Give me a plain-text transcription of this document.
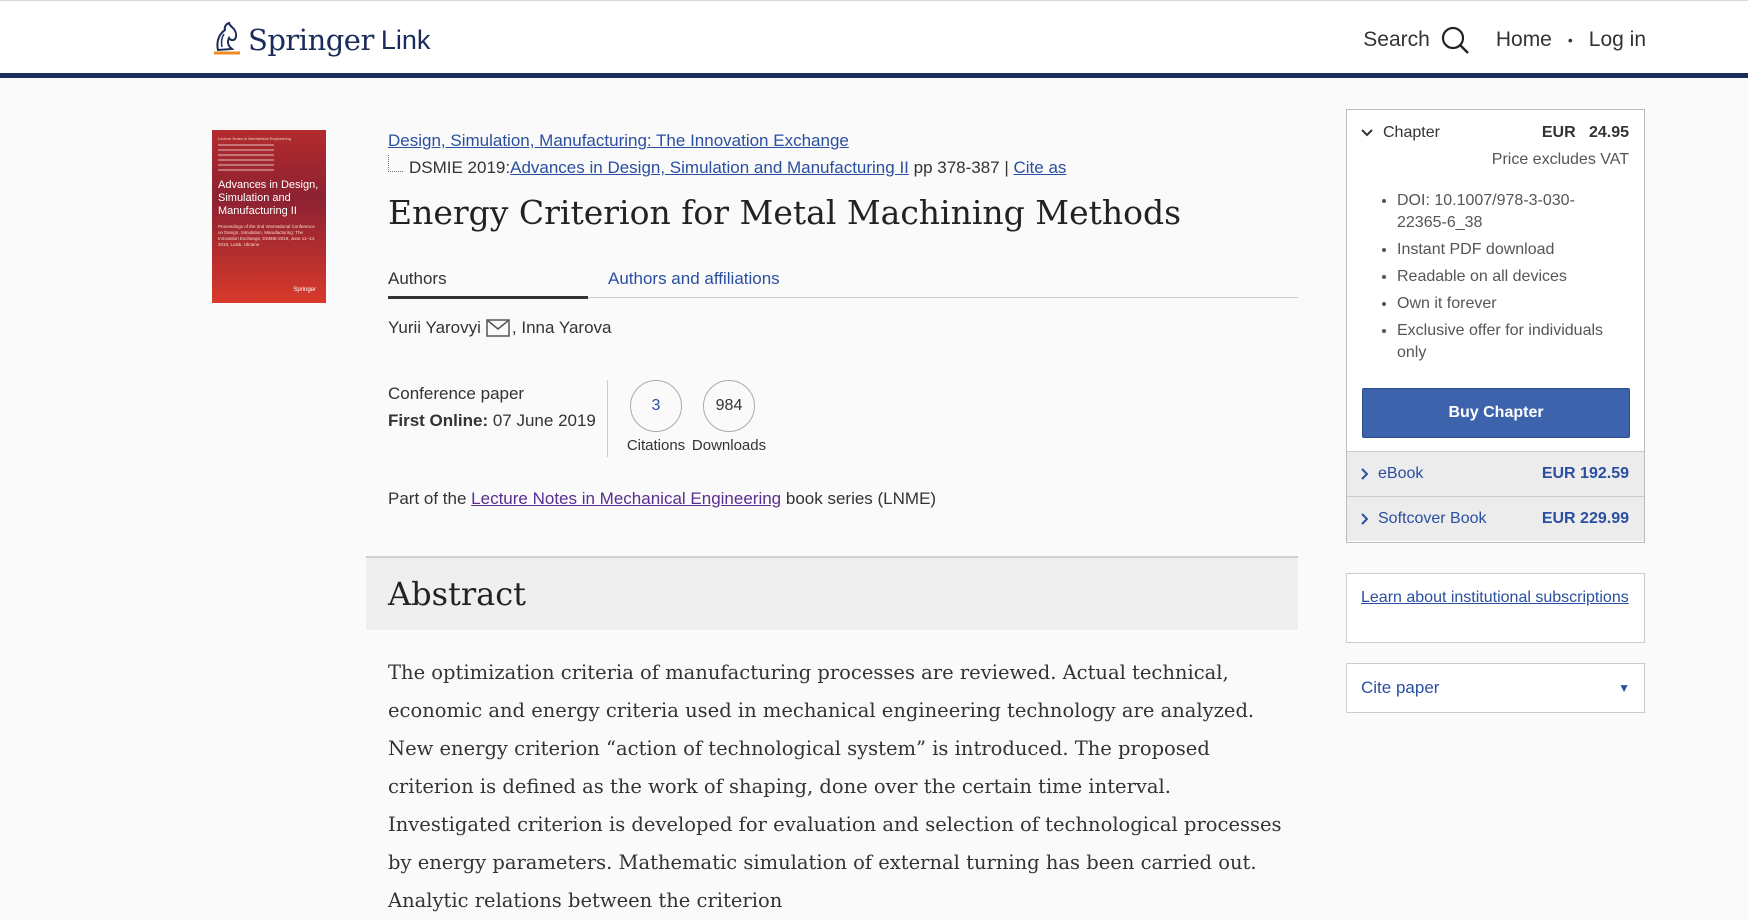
Springer Link	Search	Home • Log in
Lecture Notes in Mechanical Engineering
Advances in Design, Simulation and Manufacturing II
Proceedings of the 2nd International Conference on Design, Simulation, Manufacturing: The Innovation Exchange, DSMIE-2019, June 11–14, 2019, Lutsk, Ukraine
Springer
Design, Simulation, Manufacturing: The Innovation Exchange
DSMIE 2019: Advances in Design, Simulation and Manufacturing II pp 378-387 | Cite as
Energy Criterion for Metal Machining Methods
Authors	Authors and affiliations
Yurii Yarovyi , Inna Yarova
Conference paper
First Online: 07 June 2019
3
Citations
984
Downloads
Part of the Lecture Notes in Mechanical Engineering book series (LNME)
Abstract

The optimization criteria of manufacturing processes are reviewed. Actual technical, economic and energy criteria used in mechanical engineering technology are analyzed. New energy criterion “action of technological system” is introduced. The proposed criterion is defined as the work of shaping, done over the certain time interval. Investigated criterion is developed for evaluation and selection of technological processes by energy parameters. Mathematic simulation of external turning has been carried out. Analytic relations between the criterion

Chapter	EUR   24.95
Price excludes VAT
• DOI: 10.1007/978-3-030-22365-6_38
• Instant PDF download
• Readable on all devices
• Own it forever
• Exclusive offer for individuals only
Buy Chapter
eBook	EUR 192.59
Softcover Book	EUR 229.99
Learn about institutional subscriptions
Cite paper	▼
